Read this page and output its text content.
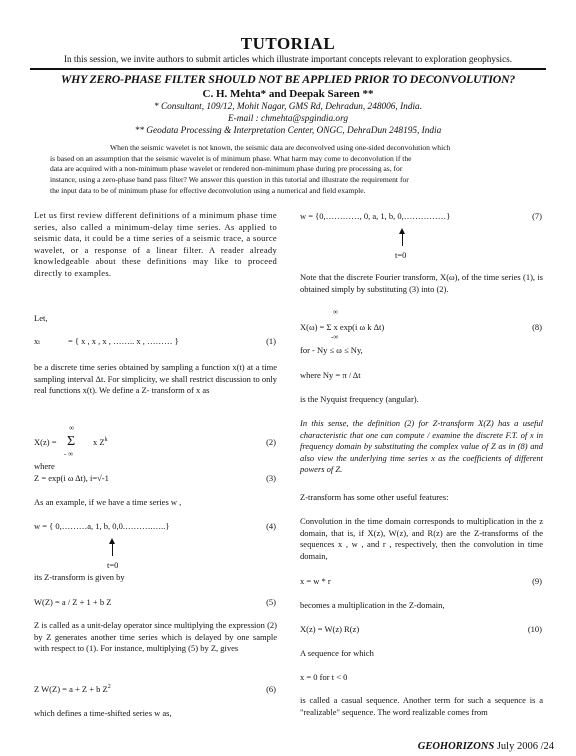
TUTORIAL
In this session, we invite authors to submit articles which illustrate important concepts relevant to exploration geophysics.
WHY ZERO-PHASE FILTER SHOULD NOT BE APPLIED PRIOR TO DECONVOLUTION?
C. H. Mehta* and Deepak Sareen **
* Consultant, 109/12, Mohit Nagar, GMS Rd, Dehradun, 248006, India.
E-mail : chmehta@spgindia.org
** Geodata Processing & Interpretation Center, ONGC, DehraDun 248195, India
When the seismic wavelet is not known, the seismic data are deconvolved using one-sided deconvolution which
is based on an assumption that the seismic wavelet is of minimum phase. What harm may come to deconvolution if the
data are acquired with a non-minimum phase wavelet or rendered non-minimum phase during pre processing as, for
instance, using a zero-phase band pass filter? We answer this question in this tutorial and illustrate the requirement for
the input data to be of minimum phase for effective deconvolution using a numerical and field example.

Let us first review different definitions of a minimum phase time series, also called a minimum-delay time series. As applied to seismic data, it could be a time series of a seismic trace, a source wavelet, or a response of a linear filter. A reader already knowledgeable about these definitions may like to proceed directly to examples.

Let,
xt	= { x , x , x , …….. x , ……… }	(1)

be a discrete time series obtained by sampling a function x(t) at a time sampling interval Δt. For simplicity, we shall restrict discussion to only real functions x(t). We define a Z- transform of x as

X(z) =
∞
Σ
- ∞
x $Z^k$	(2)
where
Z = exp(i ω Δt), i=√-1	(3)
As an example, if we have a time series w ,
w = { 0,………a, 1, b, 0,0.……….…..}	(4)
t=0
its Z-transform is given by
W(Z) = a / Z + 1 + b Z	(5)

Z is called as a unit-delay operator since multiplying the expression (2) by Z generates another time series which is delayed by one sample with respect to (1). For instance, multiplying (5) by Z, gives

Z W(Z) = a + Z + b $Z^2$	(6)
which defines a time-shifted series w as,
w = {0,…………, 0, a, 1, b, 0,……………}	(7)
t=0

Note that the discrete Fourier transform, X(ω), of the time series (1), is obtained simply by substituting (3) into (2).

∞
X(ω) = Σ x exp(i ω k Δt)
-∞
(8)
for - Ny ≤ ω ≤ Ny,
where Ny = π / Δt
is the Nyquist frequency (angular).

In this sense, the definition (2) for Z-transform X(Z) has a useful characteristic that one can compute / examine the discrete F.T. of x in frequency domain by substituting the complex value of Z as in (8) and also view the underlying time series x as the coefficients of different powers of Z.

Z-transform has some other useful features:

Convolution in the time domain corresponds to multiplication in the z domain, that is, if X(z), W(z), and R(z) are the Z-transforms of the sequences x , w , and r , respectively, then the convolution in time domain,

x = w * r	(9)
becomes a multiplication in the Z-domain,
X(z) = W(z) R(z)	(10)
A sequence for which
x = 0 for t < 0

is called a casual sequence. Another term for such a sequence is a "realizable" sequence. The word realizable comes from

GEOHORIZONS July 2006 /24
